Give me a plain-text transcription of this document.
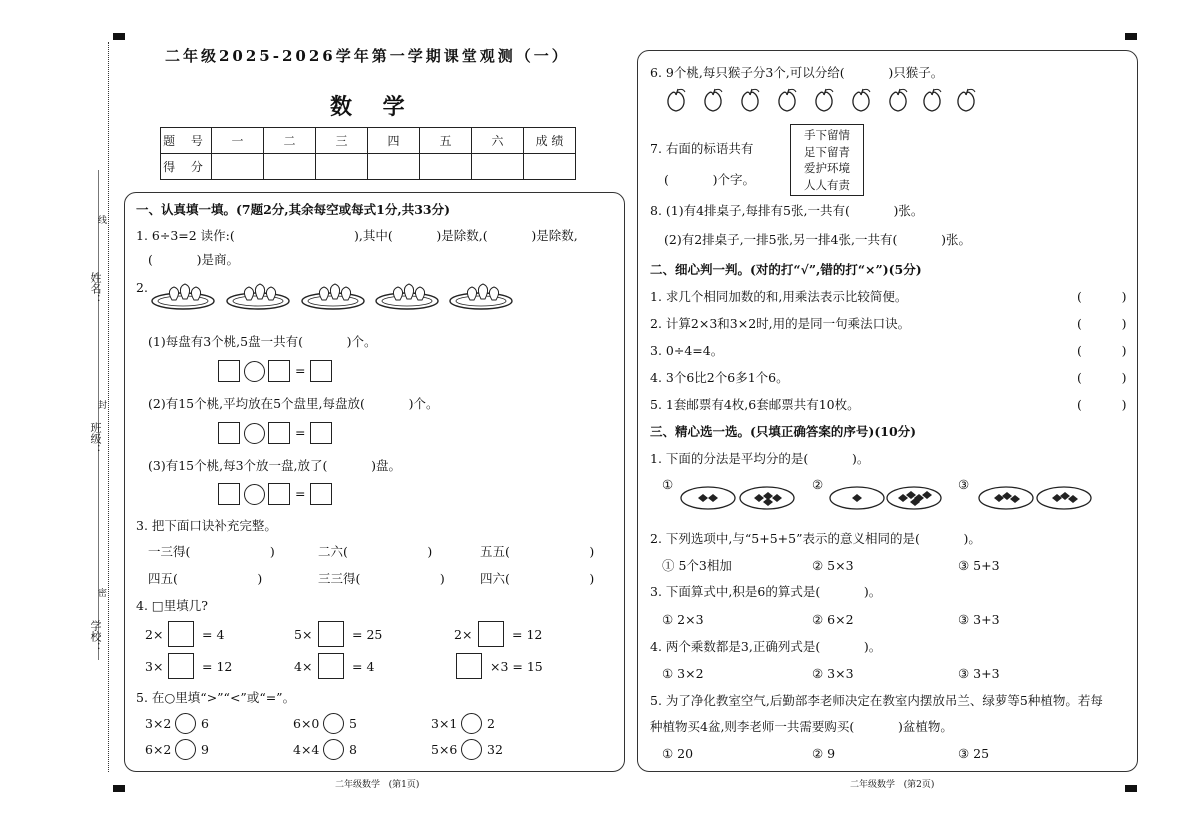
姓名：
班级：
学校：
线
封
密
二年级2025-2026学年第一学期课堂观测（一）
数    学
题 号	一	二	三	四	五	六	成 绩
得 分							
一、认真填一填。(7题2分,其余每空或每式1分,共33分)
1. 6÷3=2 读作:(                              ),其中(           )是除数,(           )是除数,
(           )是商。
2.
(1)每盘有3个桃,5盘一共有(           )个。
=
(2)有15个桃,平均放在5个盘里,每盘放(           )个。
=
(3)有15个桃,每3个放一盘,放了(           )盘。
=
3. 把下面口诀补充完整。
一三得(                    )	二六(                    )	五五(                    )
四五(                    )	三三得(                    )	四六(                    )
4. □里填几?
2×	= 4	5×	= 25	2×	= 12
3×	= 12	4×	= 4	×3 = 15
5. 在○里填“>”“<”或“=”。
3×2 6	6×0 5	3×1 2
6×2 9	4×4 8	5×6 32
二年级数学   (第1页)
6. 9个桃,每只猴子分3个,可以分给(           )只猴子。
7. 右面的标语共有
(           )个字。
手下留情
足下留青
爱护环境
人人有责
8. (1)有4排桌子,每排有5张,一共有(           )张。
(2)有2排桌子,一排5张,另一排4张,一共有(           )张。
二、细心判一判。(对的打“√”,错的打“×”)(5分)
1. 求几个相同加数的和,用乘法表示比较简便。	(          )
2. 计算2×3和3×2时,用的是同一句乘法口诀。	(          )
3. 0÷4=4。	(          )
4. 3个6比2个6多1个6。	(          )
5. 1套邮票有4枚,6套邮票共有10枚。	(          )
三、精心选一选。(只填正确答案的序号)(10分)
1. 下面的分法是平均分的是(           )。
①	②	③
2. 下列选项中,与“5+5+5”表示的意义相同的是(           )。
① 5个3相加	② 5×3	③ 5+3
3. 下面算式中,积是6的算式是(           )。
① 2×3	② 6×2	③ 3+3
4. 两个乘数都是3,正确列式是(           )。
① 3×2	② 3×3	③ 3+3
5. 为了净化教室空气,后勤部李老师决定在教室内摆放吊兰、绿萝等5种植物。若每
种植物买4盆,则李老师一共需要购买(           )盆植物。
① 20	② 9	③ 25
二年级数学   (第2页)
